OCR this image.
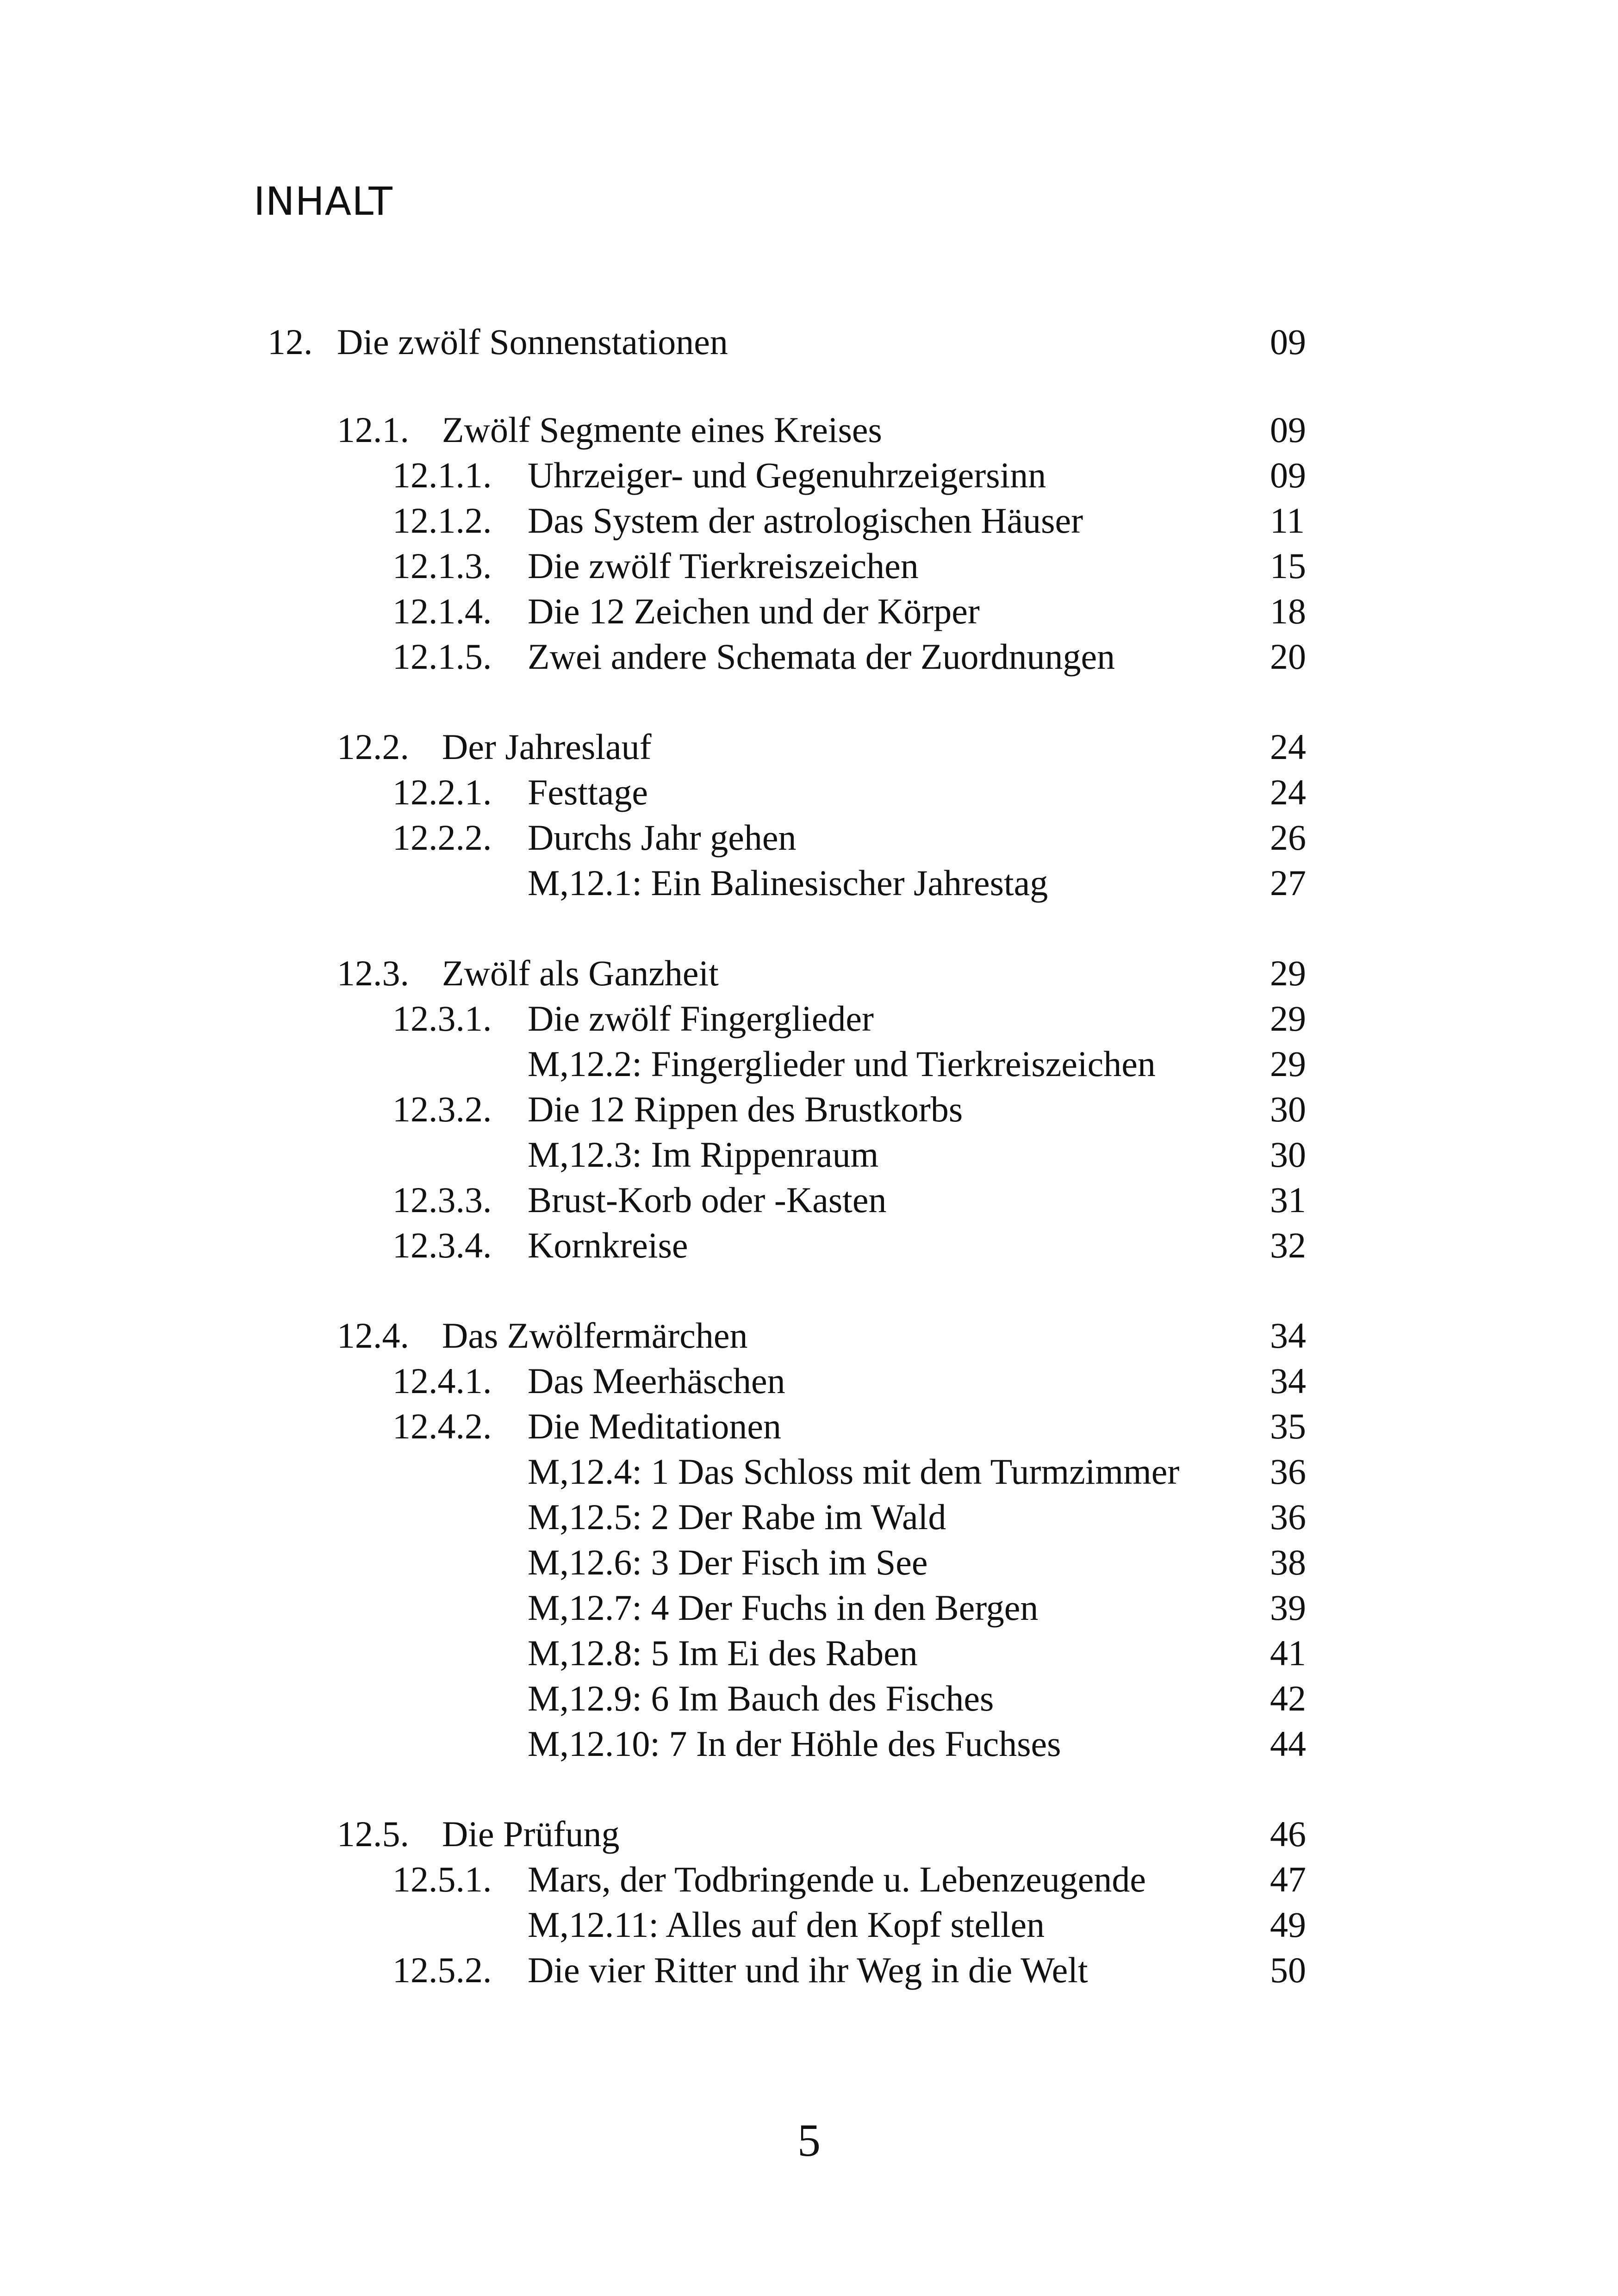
INHALT
12. Die zwölf Sonnenstationen	09
12.1. Zwölf Segmente eines Kreises	09
12.1.1. Uhrzeiger- und Gegenuhrzeigersinn	09
12.1.2. Das System der astrologischen Häuser	11
12.1.3. Die zwölf Tierkreiszeichen	15
12.1.4. Die 12 Zeichen und der Körper	18
12.1.5. Zwei andere Schemata der Zuordnungen	20
12.2. Der Jahreslauf	24
12.2.1. Festtage	24
12.2.2. Durchs Jahr gehen	26
M,12.1: Ein Balinesischer Jahrestag	27
12.3. Zwölf als Ganzheit	29
12.3.1. Die zwölf Fingerglieder	29
M,12.2: Fingerglieder und Tierkreiszeichen	29
12.3.2. Die 12 Rippen des Brustkorbs	30
M,12.3: Im Rippenraum	30
12.3.3. Brust-Korb oder -Kasten	31
12.3.4. Kornkreise	32
12.4. Das Zwölfermärchen	34
12.4.1. Das Meerhäschen	34
12.4.2. Die Meditationen	35
M,12.4: 1 Das Schloss mit dem Turmzimmer	36
M,12.5: 2 Der Rabe im Wald	36
M,12.6: 3 Der Fisch im See	38
M,12.7: 4 Der Fuchs in den Bergen	39
M,12.8: 5 Im Ei des Raben	41
M,12.9: 6 Im Bauch des Fisches	42
M,12.10: 7 In der Höhle des Fuchses	44
12.5. Die Prüfung	46
12.5.1. Mars, der Todbringende u. Lebenzeugende	47
M,12.11: Alles auf den Kopf stellen	49
12.5.2. Die vier Ritter und ihr Weg in die Welt	50
5
